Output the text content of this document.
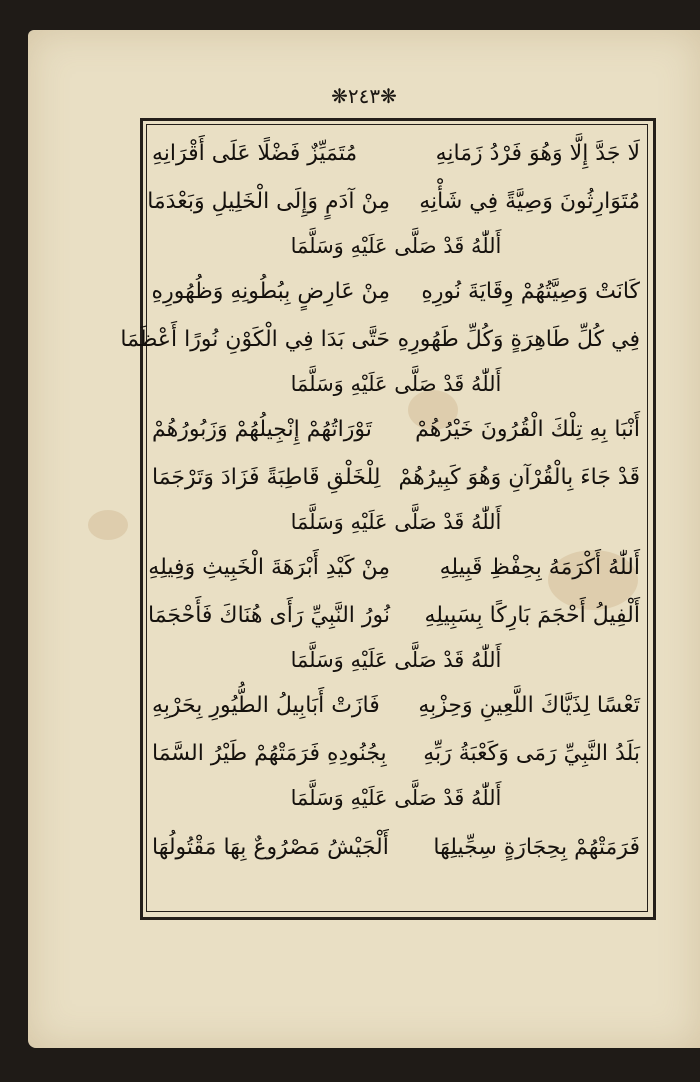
❋٢٤٣❋
لَا جَدَّ إِلَّا وَهُوَ فَرْدُ زَمَانِهِ
مُتَمَيِّزٌ فَضْلًا عَلَى أَقْرَانِهِ
مُتَوَارِثُونَ وَصِيَّةً فِي شَأْنِهِ
مِنْ آدَمٍ وَإِلَى الْخَلِيلِ وَبَعْدَمَا
أَللّٰهُ قَدْ صَلَّى عَلَيْهِ وَسَلَّمَا
كَانَتْ وَصِيَّتُهُمْ وِقَايَةَ نُورِهِ
مِنْ عَارِضٍ بِبُطُونِهِ وَظُهُورِهِ
فِي كُلِّ طَاهِرَةٍ وَكُلِّ طَهُورِهِ
حَتَّى بَدَا فِي الْكَوْنِ نُورًا أَعْظَمَا
أَللّٰهُ قَدْ صَلَّى عَلَيْهِ وَسَلَّمَا
أَنْبَا بِهِ تِلْكَ الْقُرُونَ خَيْرُهُمْ
تَوْرَاتُهُمْ إِنْجِيلُهُمْ وَزَبُورُهُمْ
قَدْ جَاءَ بِالْقُرْآنِ وَهُوَ كَبِيرُهُمْ
لِلْخَلْقِ قَاطِبَةً فَزَادَ وَتَرْجَمَا
أَللّٰهُ قَدْ صَلَّى عَلَيْهِ وَسَلَّمَا
أَللّٰهُ أَكْرَمَهُ بِحِفْظِ قَبِيلِهِ
مِنْ كَيْدِ أَبْرَهَةَ الْخَبِيثِ وَفِيلِهِ
أَلْفِيلُ أَحْجَمَ بَارِكًا بِسَبِيلِهِ
نُورُ النَّبِيِّ رَأَى هُنَاكَ فَأَحْجَمَا
أَللّٰهُ قَدْ صَلَّى عَلَيْهِ وَسَلَّمَا
تَعْسًا لِذَيَّاكَ اللَّعِينِ وَحِزْبِهِ
فَازَتْ أَبَابِيلُ الطُّيُورِ بِحَرْبِهِ
بَلَدُ النَّبِيِّ رَمَى وَكَعْبَةُ رَبِّهِ
بِجُنُودِهِ فَرَمَتْهُمْ طَيْرُ السَّمَا
أَللّٰهُ قَدْ صَلَّى عَلَيْهِ وَسَلَّمَا
فَرَمَتْهُمْ بِحِجَارَةٍ سِجِّيلِهَا
أَلْجَيْشُ مَصْرُوعٌ بِهَا مَقْتُولُهَا
